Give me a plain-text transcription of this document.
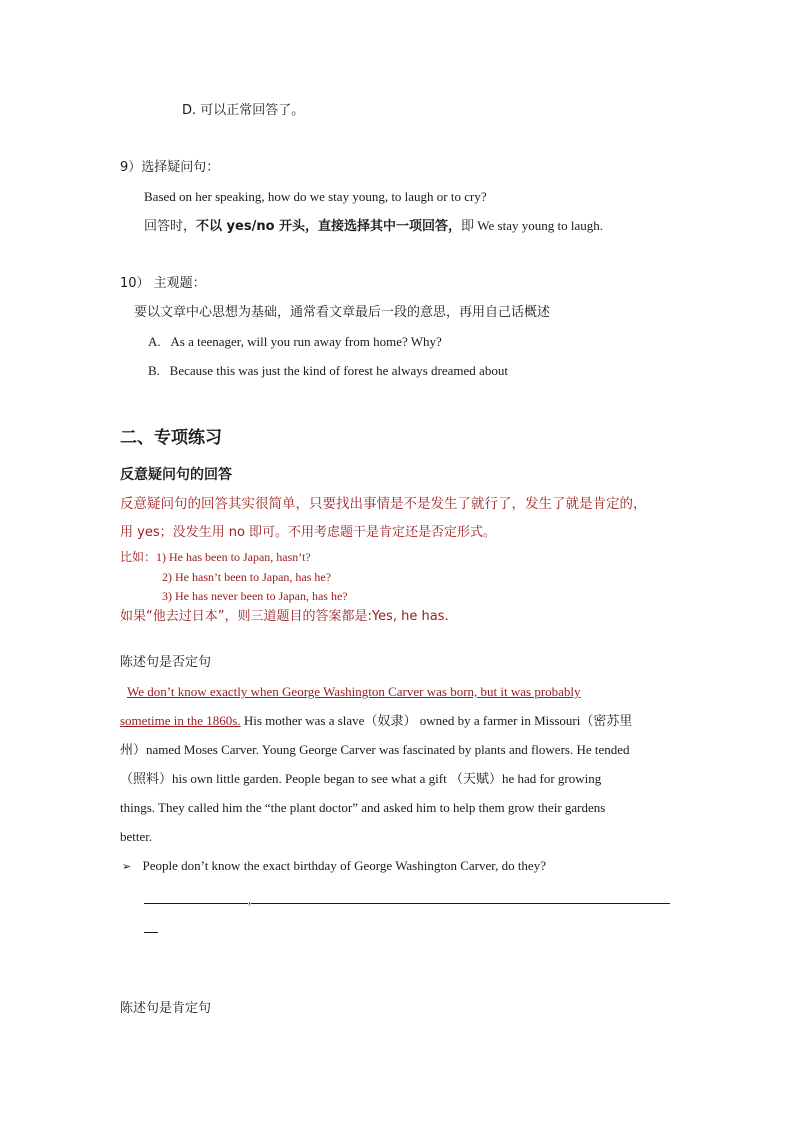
D. 可以正常回答了。
9）选择疑问句：
Based on her speaking, how do we stay young, to laugh or to cry?
回答时，不以 yes/no 开头，直接选择其中一项回答，即 We stay young to laugh.
10） 主观题：
要以文章中心思想为基础，通常看文章最后一段的意思，再用自己话概述
A. As a teenager, will you run away from home? Why?
B. Because this was just the kind of forest he always dreamed about
二、专项练习
反意疑问句的回答
反意疑问句的回答其实很简单，只要找出事情是不是发生了就行了，发生了就是肯定的，
用 yes；没发生用 no 即可。不用考虑题干是肯定还是否定形式。
比如：1) He has been to Japan, hasn’t?
2) He hasn’t been to Japan, has he?
3) He has never been to Japan, has he?
如果“他去过日本”，则三道题目的答案都是:Yes, he has.
陈述句是否定句
We don’t know exactly when George Washington Carver was born, but it was probably
sometime in the 1860s. His mother was a slave（奴隶） owned by a farmer in Missouri（密苏里
州）named Moses Carver. Young George Carver was fascinated by plants and flowers. He tended
（照料）his own little garden. People began to see what a gift （天赋）he had for growing
things. They called him the “the plant doctor” and asked him to help them grow their gardens
better.
➢ People don’t know the exact birthday of George Washington Carver, do they?
,
陈述句是肯定句
